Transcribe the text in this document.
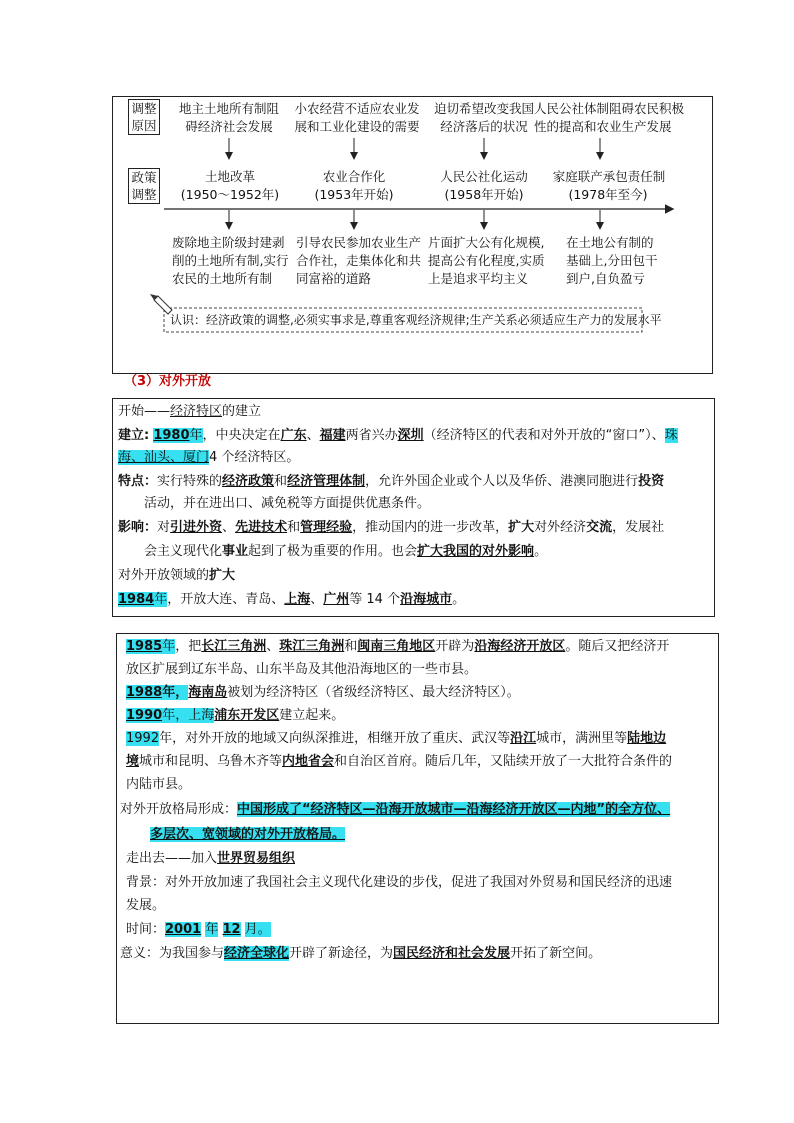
调整
原因
政策
调整
地主土地所有制阻
碍经济社会发展
小农经营不适应农业发
展和工业化建设的需要
迫切希望改变我国
经济落后的状况
人民公社体制阻碍农民积极
性的提高和农业生产发展
土地改革
(1950～1952年)
农业合作化
(1953年开始)
人民公社化运动
(1958年开始)
家庭联产承包责任制
(1978年至今)
废除地主阶级封建剥
削的土地所有制,实行
农民的土地所有制
引导农民参加农业生产
合作社，走集体化和共
同富裕的道路
片面扩大公有化规模,
提高公有化程度,实质
上是追求平均主义
在土地公有制的
基础上,分田包干
到户,自负盈亏
认识：经济政策的调整,必须实事求是,尊重客观经济规律;生产关系必须适应生产力的发展水平
（3）对外开放
开始——经济特区的建立
建立: 1980年，中央决定在广东、福建两省兴办深圳（经济特区的代表和对外开放的“窗口”）、珠
海、汕头、厦门4 个经济特区。
特点：实行特殊的经济政策和经济管理体制，允许外国企业或个人以及华侨、港澳同胞进行投资
活动，并在进出口、减免税等方面提供优惠条件。
影响：对引进外资、先进技术和管理经验，推动国内的进一步改革，扩大对外经济交流，发展社
会主义现代化事业起到了极为重要的作用。也会扩大我国的对外影响。
对外开放领域的扩大
1984年，开放大连、青岛、上海、广州等 14 个沿海城市。
1985年，把长江三角洲、珠江三角洲和闽南三角地区开辟为沿海经济开放区。随后又把经济开
放区扩展到辽东半岛、山东半岛及其他沿海地区的一些市县。
1988年，海南岛被划为经济特区（省级经济特区、最大经济特区）。
1990年，上海浦东开发区建立起来。
1992年，对外开放的地域又向纵深推进，相继开放了重庆、武汉等沿江城市，满洲里等陆地边
境城市和昆明、乌鲁木齐等内地省会和自治区首府。随后几年，又陆续开放了一大批符合条件的
内陆市县。
对外开放格局形成：中国形成了“经济特区—沿海开放城市—沿海经济开放区—内地”的全方位、
多层次、宽领域的对外开放格局。
走出去——加入世界贸易组织
背景：对外开放加速了我国社会主义现代化建设的步伐，促进了我国对外贸易和国民经济的迅速
发展。
时间：2001 年 12 月。
意义：为我国参与经济全球化开辟了新途径，为国民经济和社会发展开拓了新空间。
